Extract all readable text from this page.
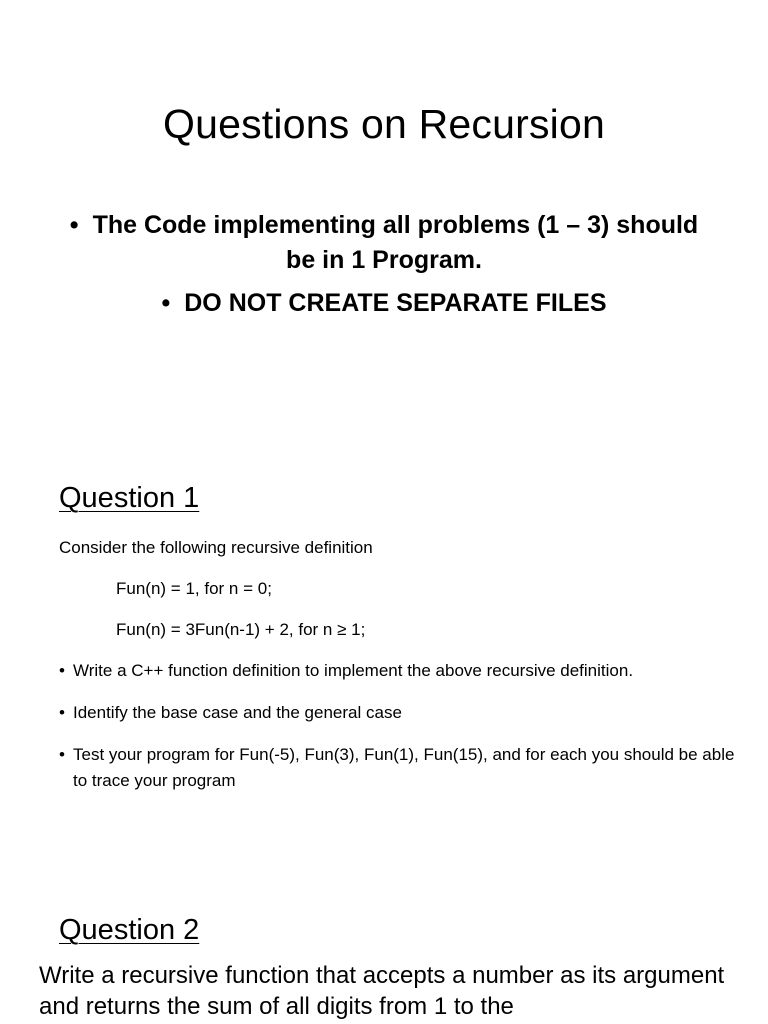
Questions on Recursion
• The Code implementing all problems (1 – 3) should be in 1 Program.
• DO NOT CREATE SEPARATE FILES
Question 1

Consider the following recursive definition

Fun(n) = 1, for n = 0;

Fun(n) = 3Fun(n-1) + 2, for n ≥ 1;

• Write a C++ function definition to implement the above recursive definition.
• Identify the base case and the general case
• Test your program for Fun(-5), Fun(3), Fun(1), Fun(15), and for each you should be able to trace your program
Question 2

Write a recursive function that accepts a number as its argument and returns the sum of all digits from 1 to the
